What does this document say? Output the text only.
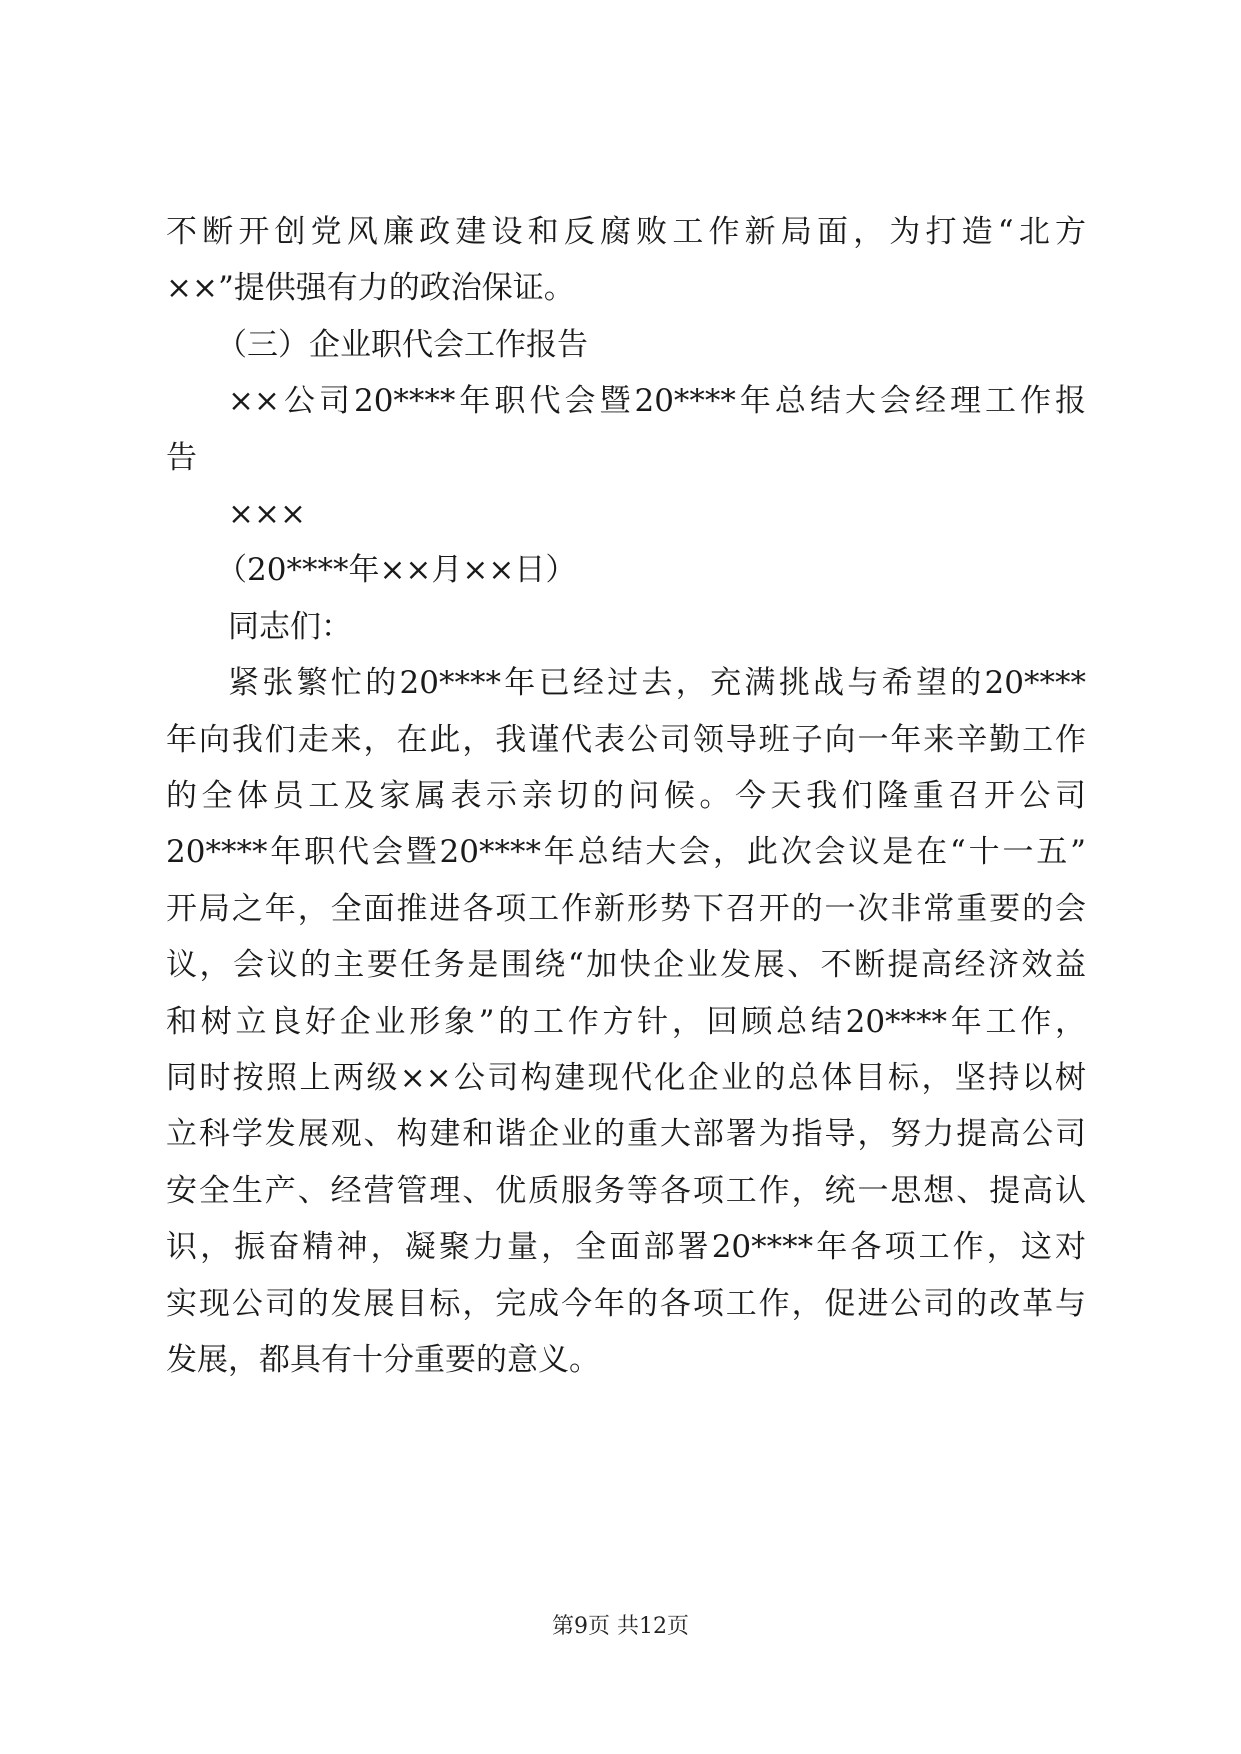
不断开创党风廉政建设和反腐败工作新局面，为打造“北方
××”提供强有力的政治保证。
（三）企业职代会工作报告
××公司20****年职代会暨20****年总结大会经理工作报
告
×××
（20****年××月××日）
同志们：
紧张繁忙的20****年已经过去，充满挑战与希望的20****
年向我们走来，在此，我谨代表公司领导班子向一年来辛勤工作
的全体员工及家属表示亲切的问候。今天我们隆重召开公司
20****年职代会暨20****年总结大会，此次会议是在“十一五”
开局之年，全面推进各项工作新形势下召开的一次非常重要的会
议，会议的主要任务是围绕“加快企业发展、不断提高经济效益
和树立良好企业形象”的工作方针，回顾总结20****年工作，
同时按照上两级××公司构建现代化企业的总体目标，坚持以树
立科学发展观、构建和谐企业的重大部署为指导，努力提高公司
安全生产、经营管理、优质服务等各项工作，统一思想、提高认
识，振奋精神，凝聚力量，全面部署20****年各项工作，这对
实现公司的发展目标，完成今年的各项工作，促进公司的改革与
发展，都具有十分重要的意义。
第9页 共12页
